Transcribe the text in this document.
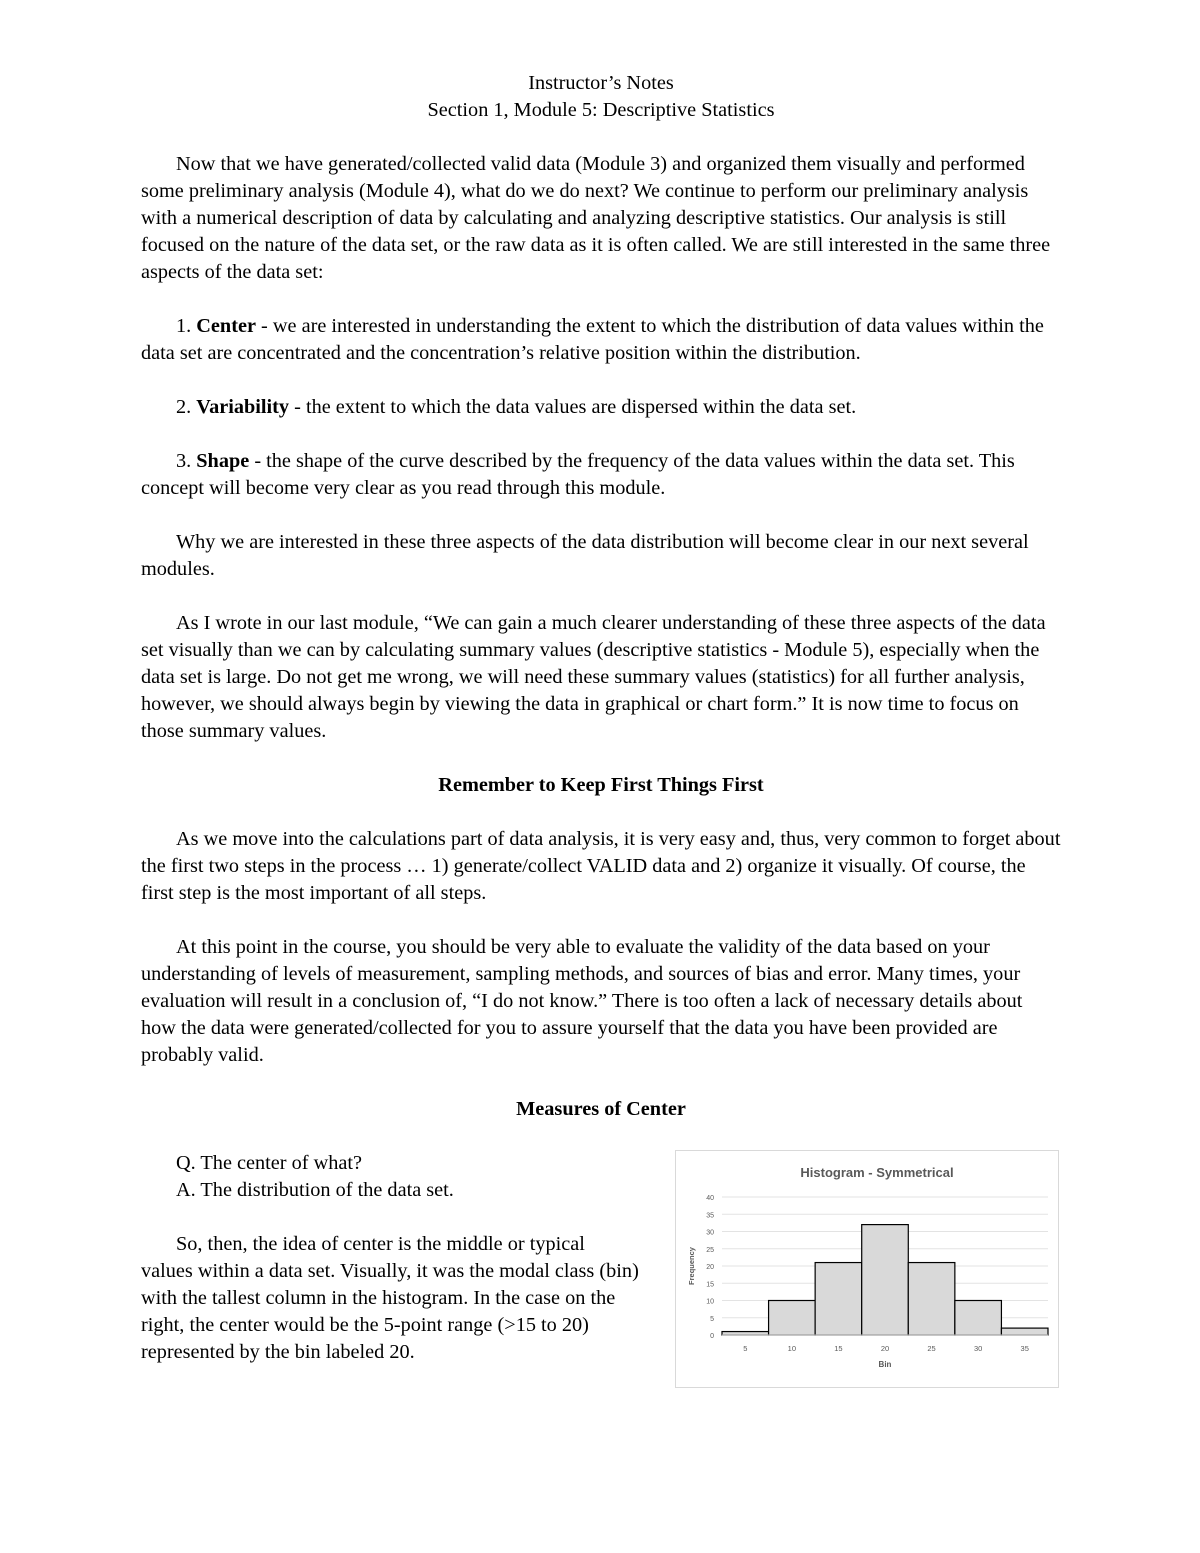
Instructor’s Notes
Section 1, Module 5: Descriptive Statistics

Now that we have generated/collected valid data (Module 3) and organized them visually and performed some preliminary analysis (Module 4), what do we do next? We continue to perform our preliminary analysis with a numerical description of data by calculating and analyzing descriptive statistics. Our analysis is still focused on the nature of the data set, or the raw data as it is often called. We are still interested in the same three aspects of the data set:

1. Center - we are interested in understanding the extent to which the distribution of data values within the data set are concentrated and the concentration’s relative position within the distribution.

2. Variability - the extent to which the data values are dispersed within the data set.

3. Shape - the shape of the curve described by the frequency of the data values within the data set. This concept will become very clear as you read through this module.

Why we are interested in these three aspects of the data distribution will become clear in our next several modules.

As I wrote in our last module, “We can gain a much clearer understanding of these three aspects of the data set visually than we can by calculating summary values (descriptive statistics - Module 5), especially when the data set is large. Do not get me wrong, we will need these summary values (statistics) for all further analysis, however, we should always begin by viewing the data in graphical or chart form.” It is now time to focus on those summary values.

Remember to Keep First Things First

As we move into the calculations part of data analysis, it is very easy and, thus, very common to forget about the first two steps in the process … 1) generate/collect VALID data and 2) organize it visually. Of course, the first step is the most important of all steps.

At this point in the course, you should be very able to evaluate the validity of the data based on your understanding of levels of measurement, sampling methods, and sources of bias and error. Many times, your evaluation will result in a conclusion of, “I do not know.” There is too often a lack of necessary details about how the data were generated/collected for you to assure yourself that the data you have been provided are probably valid.

Measures of Center
Q. The center of what?

A. The distribution of the data set.

So, then, the idea of center is the middle or typical values within a data set. Visually, it was the modal class (bin) with the tallest column in the histogram. In the case on the right, the center would be the 5-point range (>15 to 20) represented by the bin labeled 20.

Histogram - Symmetrical
0
5
10
15
20
25
30
35
40
5	10	15	20	25	30	35
Bin
Frequency
